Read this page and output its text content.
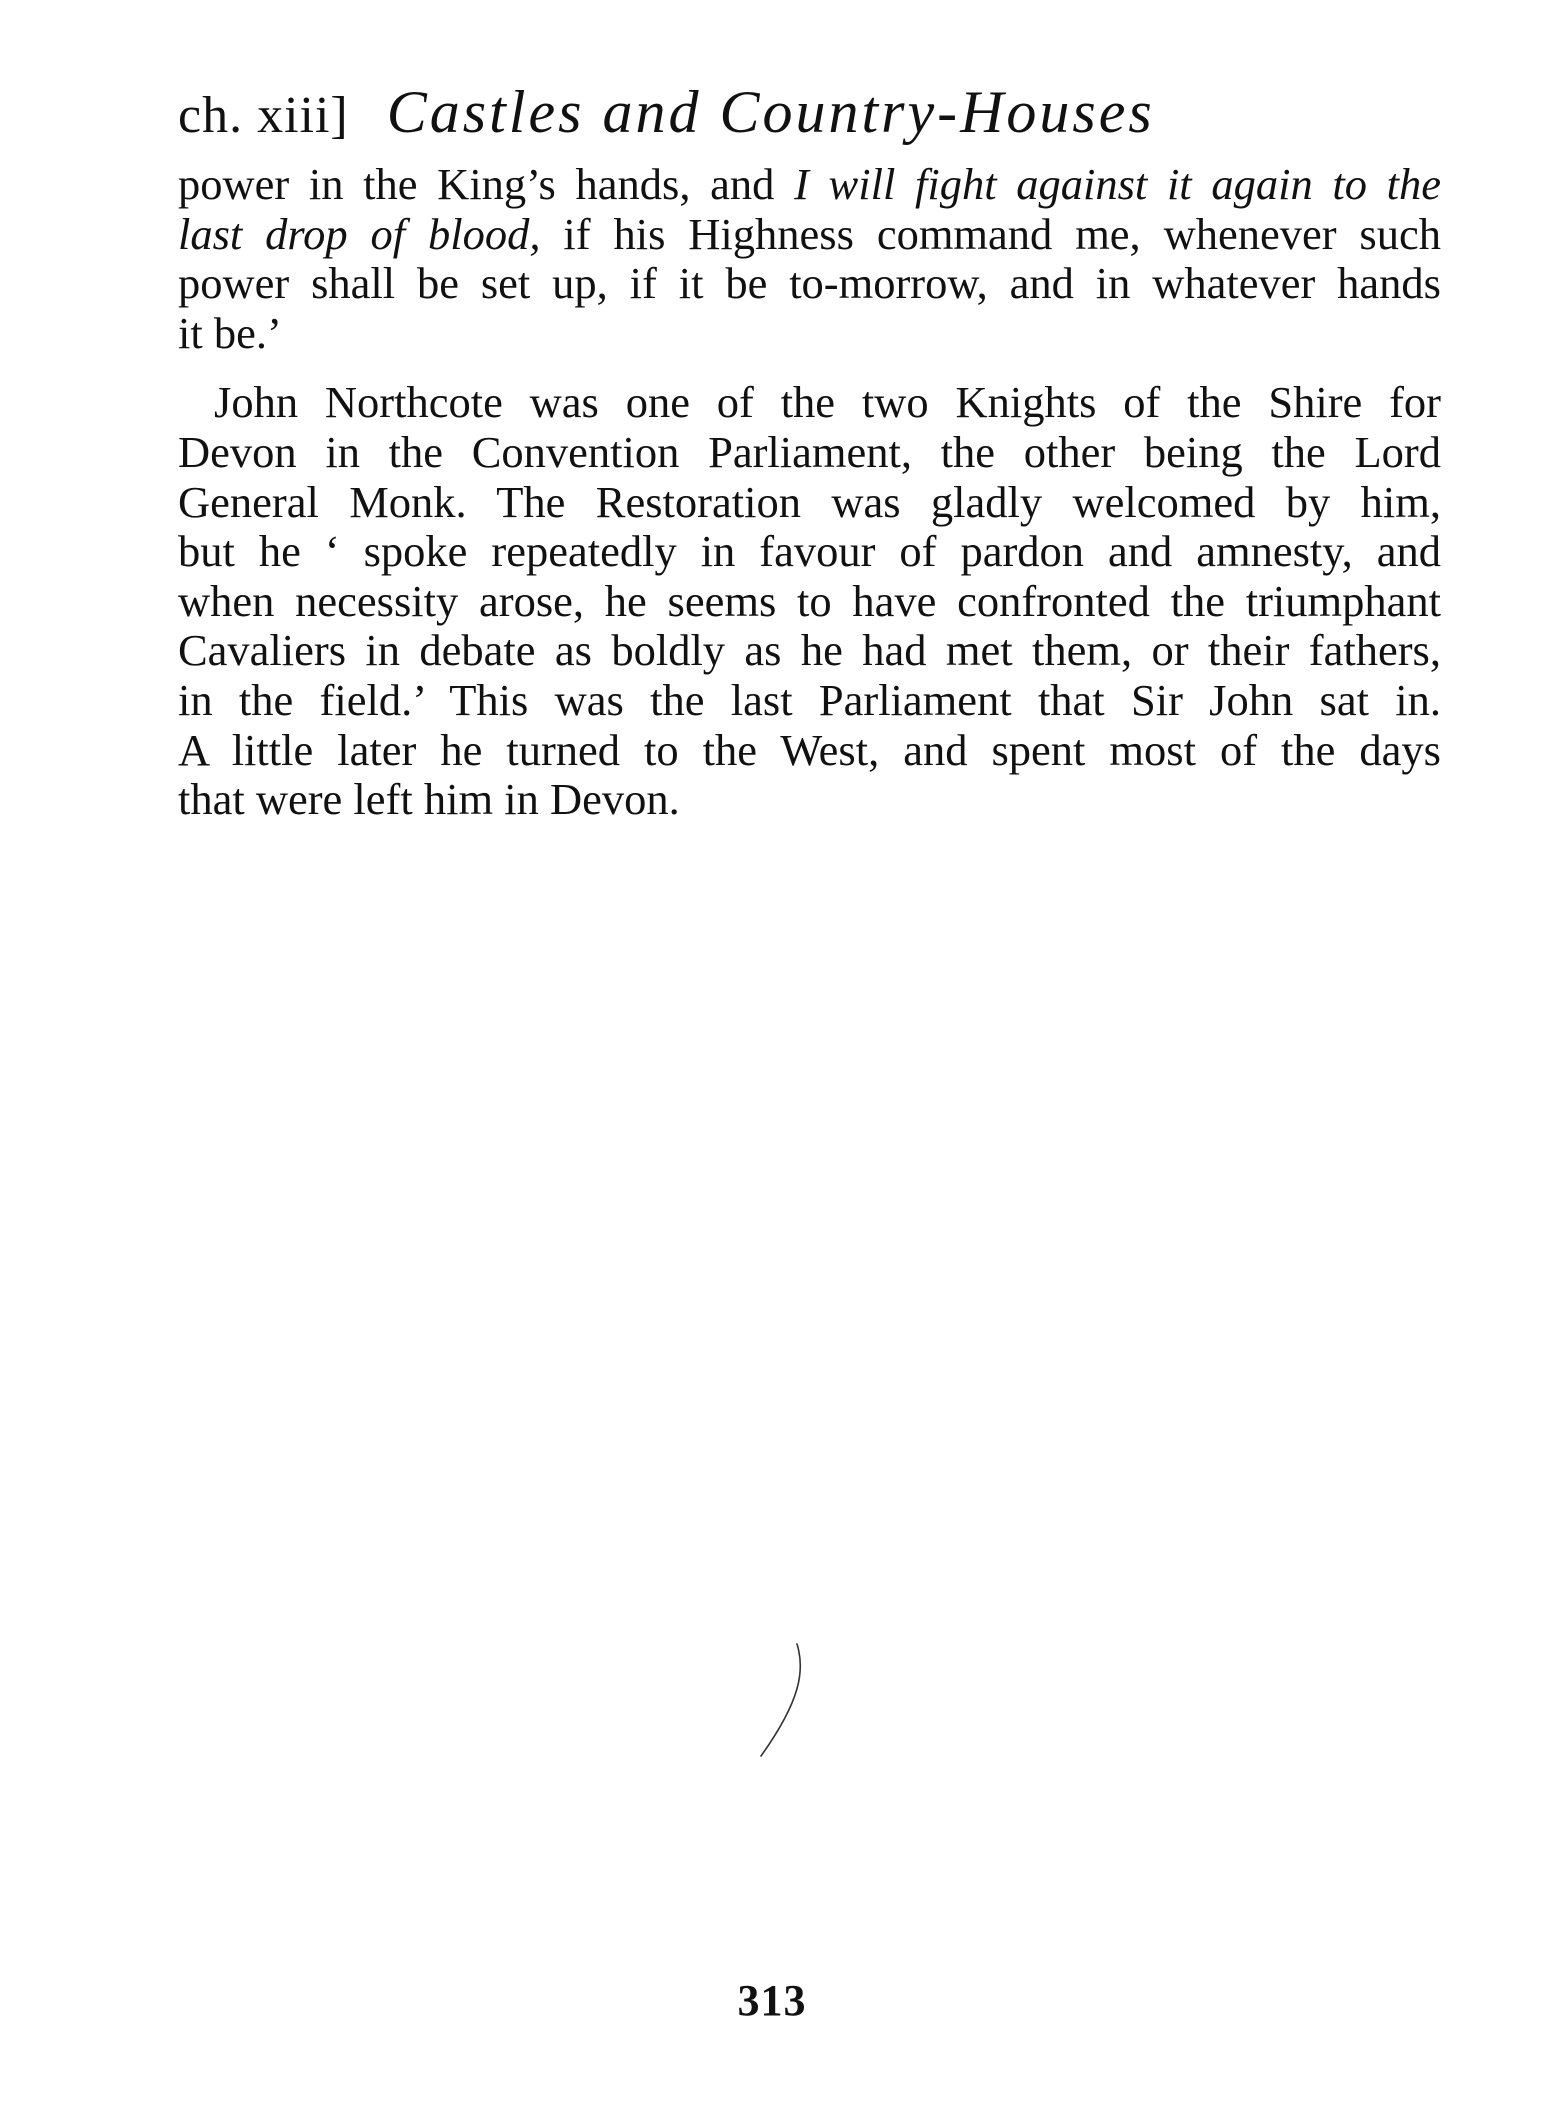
ch. xiii] Castles and Country-Houses
power in the King’s hands, and I will fight against it again to the
last drop of blood, if his Highness command me, whenever such
power shall be set up, if it be to-morrow, and in whatever hands
it be.’
John Northcote was one of the two Knights of the Shire for
Devon in the Convention Parliament, the other being the Lord
General Monk. The Restoration was gladly welcomed by him,
but he ‘ spoke repeatedly in favour of pardon and amnesty, and
when necessity arose, he seems to have confronted the triumphant
Cavaliers in debate as boldly as he had met them, or their fathers,
in the field.’ This was the last Parliament that Sir John sat in.
A little later he turned to the West, and spent most of the days
that were left him in Devon.
313
